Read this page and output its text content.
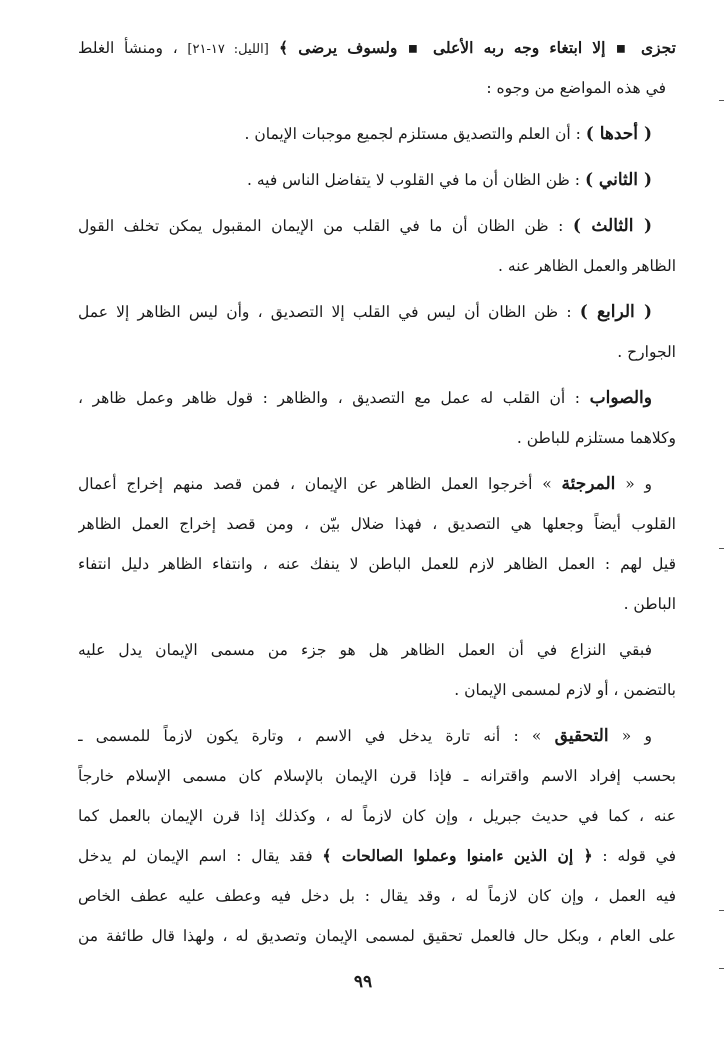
تجزى ▪ إلا ابتغاء وجه ربه الأعلى ▪ ولسوف يرضى ﴾ [الليل: ١٧-٢١] ، ومنشأ الغلط
في هذه المواضع من وجوه :
( أحدها ) : أن العلم والتصديق مستلزم لجميع موجبات الإيمان .
( الثاني ) : ظن الظان أن ما في القلوب لا يتفاضل الناس فيه .
( الثالث ) : ظن الظان أن ما في القلب من الإيمان المقبول يمكن تخلف القول
الظاهر والعمل الظاهر عنه .
( الرابع ) : ظن الظان أن ليس في القلب إلا التصديق ، وأن ليس الظاهر إلا عمل
الجوارح .
والصواب : أن القلب له عمل مع التصديق ، والظاهر : قول ظاهر وعمل ظاهر ،
وكلاهما مستلزم للباطن .
و « المرجئة » أخرجوا العمل الظاهر عن الإيمان ، فمن قصد منهم إخراج أعمال
القلوب أيضاً وجعلها هي التصديق ، فهذا ضلال بيّن ، ومن قصد إخراج العمل الظاهر
قيل لهم : العمل الظاهر لازم للعمل الباطن لا ينفك عنه ، وانتفاء الظاهر دليل انتفاء
الباطن .
فبقي النزاع في أن العمل الظاهر هل هو جزء من مسمى الإيمان يدل عليه
بالتضمن ، أو لازم لمسمى الإيمان .
و « التحقيق » : أنه تارة يدخل في الاسم ، وتارة يكون لازماً للمسمى ـ
بحسب إفراد الاسم واقترانه ـ فإذا قرن الإيمان بالإسلام كان مسمى الإسلام خارجاً
عنه ، كما في حديث جبريل ، وإن كان لازماً له ، وكذلك إذا قرن الإيمان بالعمل كما
في قوله : ﴿ إن الذين ءامنوا وعملوا الصالحات ﴾ فقد يقال : اسم الإيمان لم يدخل
فيه العمل ، وإن كان لازماً له ، وقد يقال : بل دخل فيه وعطف عليه عطف الخاص
على العام ، وبكل حال فالعمل تحقيق لمسمى الإيمان وتصديق له ، ولهذا قال طائفة من
٩٩
